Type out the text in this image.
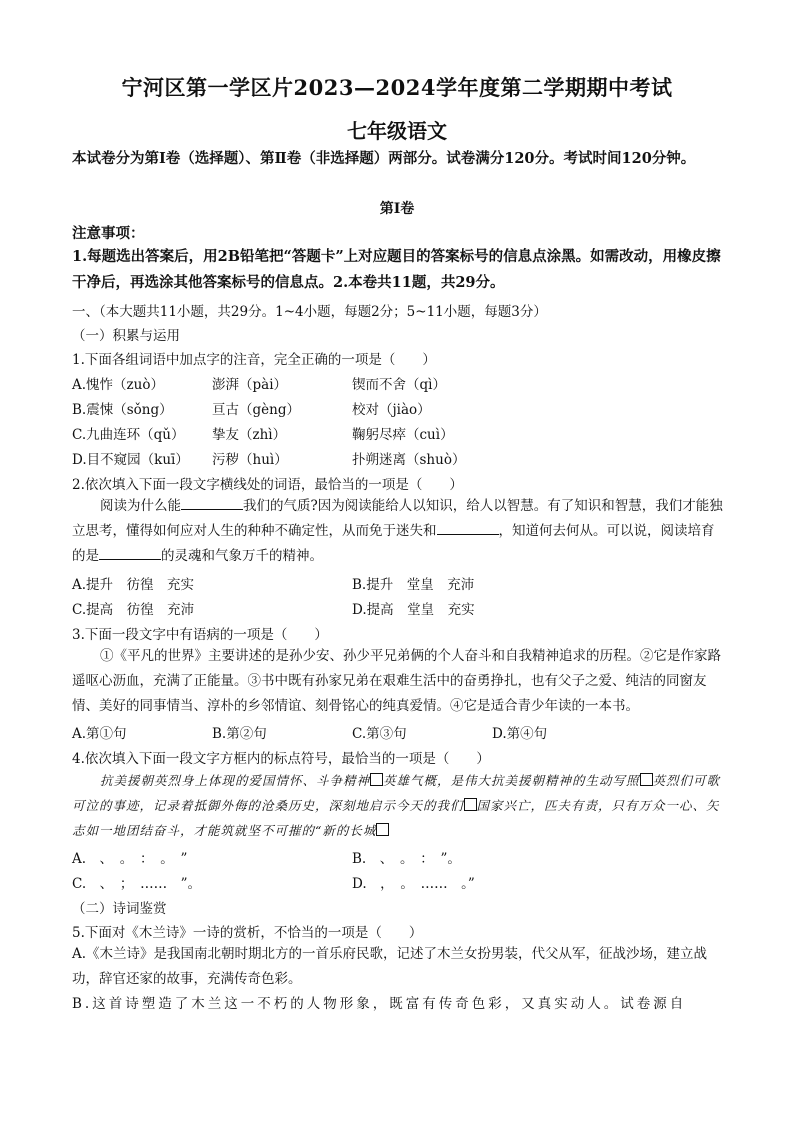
宁河区第一学区片2023—2024学年度第二学期期中考试
七年级语文
本试卷分为第Ⅰ卷（选择题）、第Ⅱ卷（非选择题）两部分。试卷满分120分。考试时间120分钟。
第Ⅰ卷
注意事项：
1.每题选出答案后，用2B铅笔把“答题卡”上对应题目的答案标号的信息点涂黑。如需改动，用橡皮擦干净后，再选涂其他答案标号的信息点。2.本卷共11题，共29分。
一、（本大题共11小题，共29分。1~4小题，每题2分；5~11小题，每题3分）
（一）积累与运用
1.下面各组词语中加点字的注音，完全正确的一项是（　　）
A.愧怍（zuò）	澎湃（pài）	锲而不舍（qì）
B.震悚（sǒng）	亘古（gèng）	校对（jiào）
C.九曲连环（qǔ） 挚友（zhì）	鞠躬尽瘁（cuì）
D.目不窥园（kuī） 污秽（huì）	扑朔迷离（shuò）
2.依次填入下面一段文字横线处的词语，最恰当的一项是（　　）
阅读为什么能	我们的气质?因为阅读能给人以知识，给人以智慧。有了知识和智慧，我们才能独立思考，懂得如何应对人生的种种不确定性，从而免于迷失和	，知道何去何从。可以说，阅读培育的是	的灵魂和气象万千的精神。
A.提升　彷徨　充实	B.提升　堂皇　充沛
C.提高　彷徨　充沛	D.提高　堂皇　充实
3.下面一段文字中有语病的一项是（　　）
①《平凡的世界》主要讲述的是孙少安、孙少平兄弟俩的个人奋斗和自我精神追求的历程。②它是作家路遥呕心沥血，充满了正能量。③书中既有孙家兄弟在艰难生活中的奋勇挣扎，也有父子之爱、纯洁的同窗友情、美好的同事情当、淳朴的乡邻情谊、刻骨铭心的纯真爱情。④它是适合青少年读的一本书。
A.第①句	B.第②句	C.第③句	D.第④句
4.依次填入下面一段文字方框内的标点符号，最恰当的一项是（　　）
抗美援朝英烈身上体现的爱国情怀、斗争精神 英雄气概，是伟大抗美援朝精神的生动写照 英烈们可歌可泣的事迹，记录着抵御外侮的沧桑历史，深刻地启示今天的我们 国家兴亡，匹夫有责，只有万众一心、矢志如一地团结奋斗，才能筑就坚不可摧的“新的长城
A.　、　。　：　。　”	B.　、　。　：　”。
C.　、　；　……　”。	D.　，　。　……　。”
（二）诗词鉴赏
5.下面对《木兰诗》一诗的赏析，不恰当的一项是（　　）
A.《木兰诗》是我国南北朝时期北方的一首乐府民歌，记述了木兰女扮男装，代父从军，征战沙场，建立战功，辞官还家的故事，充满传奇色彩。
B.这首诗塑造了木兰这一不朽的人物形象，既富有传奇色彩，又真实动人。试卷源自
